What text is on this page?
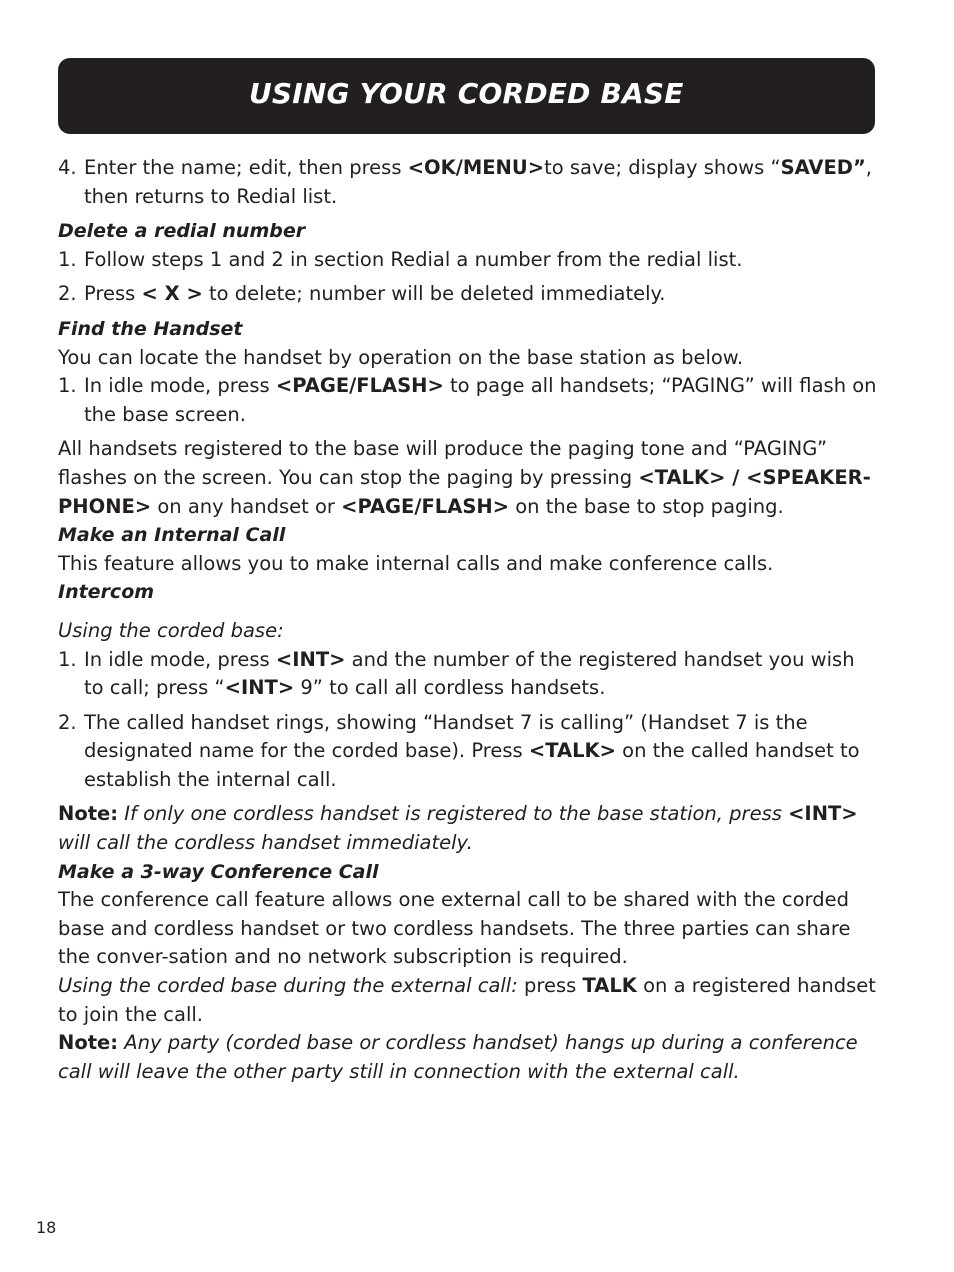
USING YOUR CORDED BASE
4. Enter the name; edit, then press <OK/MENU>to save; display shows “SAVED”, then returns to Redial list.

Delete a redial number

1. Follow steps 1 and 2 in section Redial a number from the redial list.
2. Press < X > to delete; number will be deleted immediately.

Find the Handset

You can locate the handset by operation on the base station as below.

1. In idle mode, press <PAGE/FLASH> to page all handsets; “PAGING” will flash on the base screen.

All handsets registered to the base will produce the paging tone and “PAGING” flashes on the screen. You can stop the paging by pressing <TALK> / <SPEAKER-PHONE> on any handset or <PAGE/FLASH> on the base to stop paging.

Make an Internal Call

This feature allows you to make internal calls and make conference calls.

Intercom

Using the corded base:

1. In idle mode, press <INT> and the number of the registered handset you wish to call; press “<INT> 9” to call all cordless handsets.
2. The called handset rings, showing “Handset 7 is calling” (Handset 7 is the designated name for the corded base). Press <TALK> on the called handset to establish the internal call.

Note: If only one cordless handset is registered to the base station, press <INT> will call the cordless handset immediately.

Make a 3-way Conference Call

The conference call feature allows one external call to be shared with the corded base and cordless handset or two cordless handsets. The three parties can share the conver-sation and no network subscription is required.

Using the corded base during the external call: press TALK on a registered handset to join the call.

Note: Any party (corded base or cordless handset) hangs up during a conference call will leave the other party still in connection with the external call.

18
